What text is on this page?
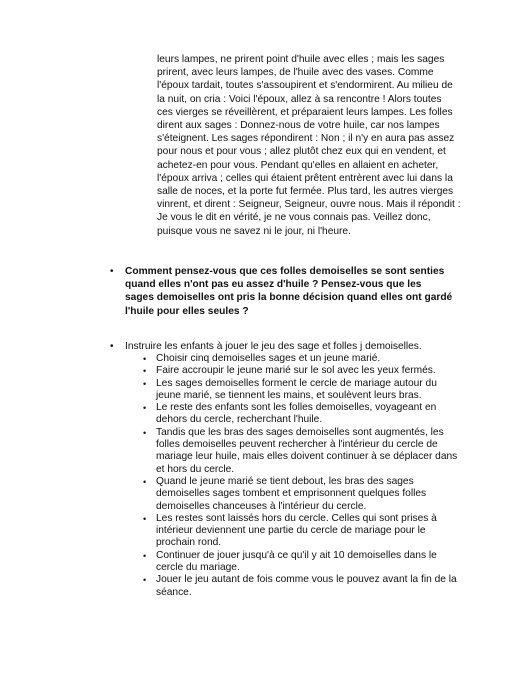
leurs lampes, ne prirent point d'huile avec elles ; mais les sages
prirent, avec leurs lampes, de l'huile avec des vases. Comme
l'époux tardait, toutes s'assoupirent et s'endormirent. Au milieu de
la nuit, on cria : Voici l'époux, allez à sa rencontre ! Alors toutes
ces vierges se réveillèrent, et préparaient leurs lampes. Les folles
dirent aux sages : Donnez-nous de votre huile, car nos lampes
s'éteignent. Les sages répondirent : Non ; il n'y en aura pas assez
pour nous et pour vous ; allez plutôt chez eux qui en vendent, et
achetez-en pour vous. Pendant qu'elles en allaient en acheter,
l'époux arriva ; celles qui étaient prêtent entrèrent avec lui dans la
salle de noces, et la porte fut fermée. Plus tard, les autres vierges
vinrent, et dirent : Seigneur, Seigneur, ouvre nous. Mais il répondit :
Je vous le dit en vérité, je ne vous connais pas. Veillez donc,
puisque vous ne savez ni le jour, ni l'heure.
• Comment pensez-vous que ces folles demoiselles se sont senties
quand elles n'ont pas eu assez d'huile ? Pensez-vous que les
sages demoiselles ont pris la bonne décision quand elles ont gardé
l'huile pour elles seules ?
• Instruire les enfants à jouer le jeu des sage et folles j demoiselles.
• Choisir cinq demoiselles sages et un jeune marié.
• Faire accroupir le jeune marié sur le sol avec les yeux fermés.
• Les sages demoiselles forment le cercle de mariage autour du
jeune marié, se tiennent les mains, et soulèvent leurs bras.
• Le reste des enfants sont les folles demoiselles, voyageant en
dehors du cercle, recherchant l'huile.
• Tandis que les bras des sages demoiselles sont augmentés, les
folles demoiselles peuvent rechercher à l'intérieur du cercle de
mariage leur huile, mais elles doivent continuer à se déplacer dans
et hors du cercle.
• Quand le jeune marié se tient debout, les bras des sages
demoiselles sages tombent et emprisonnent quelques folles
demoiselles chanceuses à l'intérieur du cercle.
• Les restes sont laissés hors du cercle. Celles qui sont prises à
intérieur deviennent une partie du cercle de mariage pour le
prochain rond.
• Continuer de jouer jusqu'à ce qu'il y ait 10 demoiselles dans le
cercle du mariage.
• Jouer le jeu autant de fois comme vous le pouvez avant la fin de la
séance.
